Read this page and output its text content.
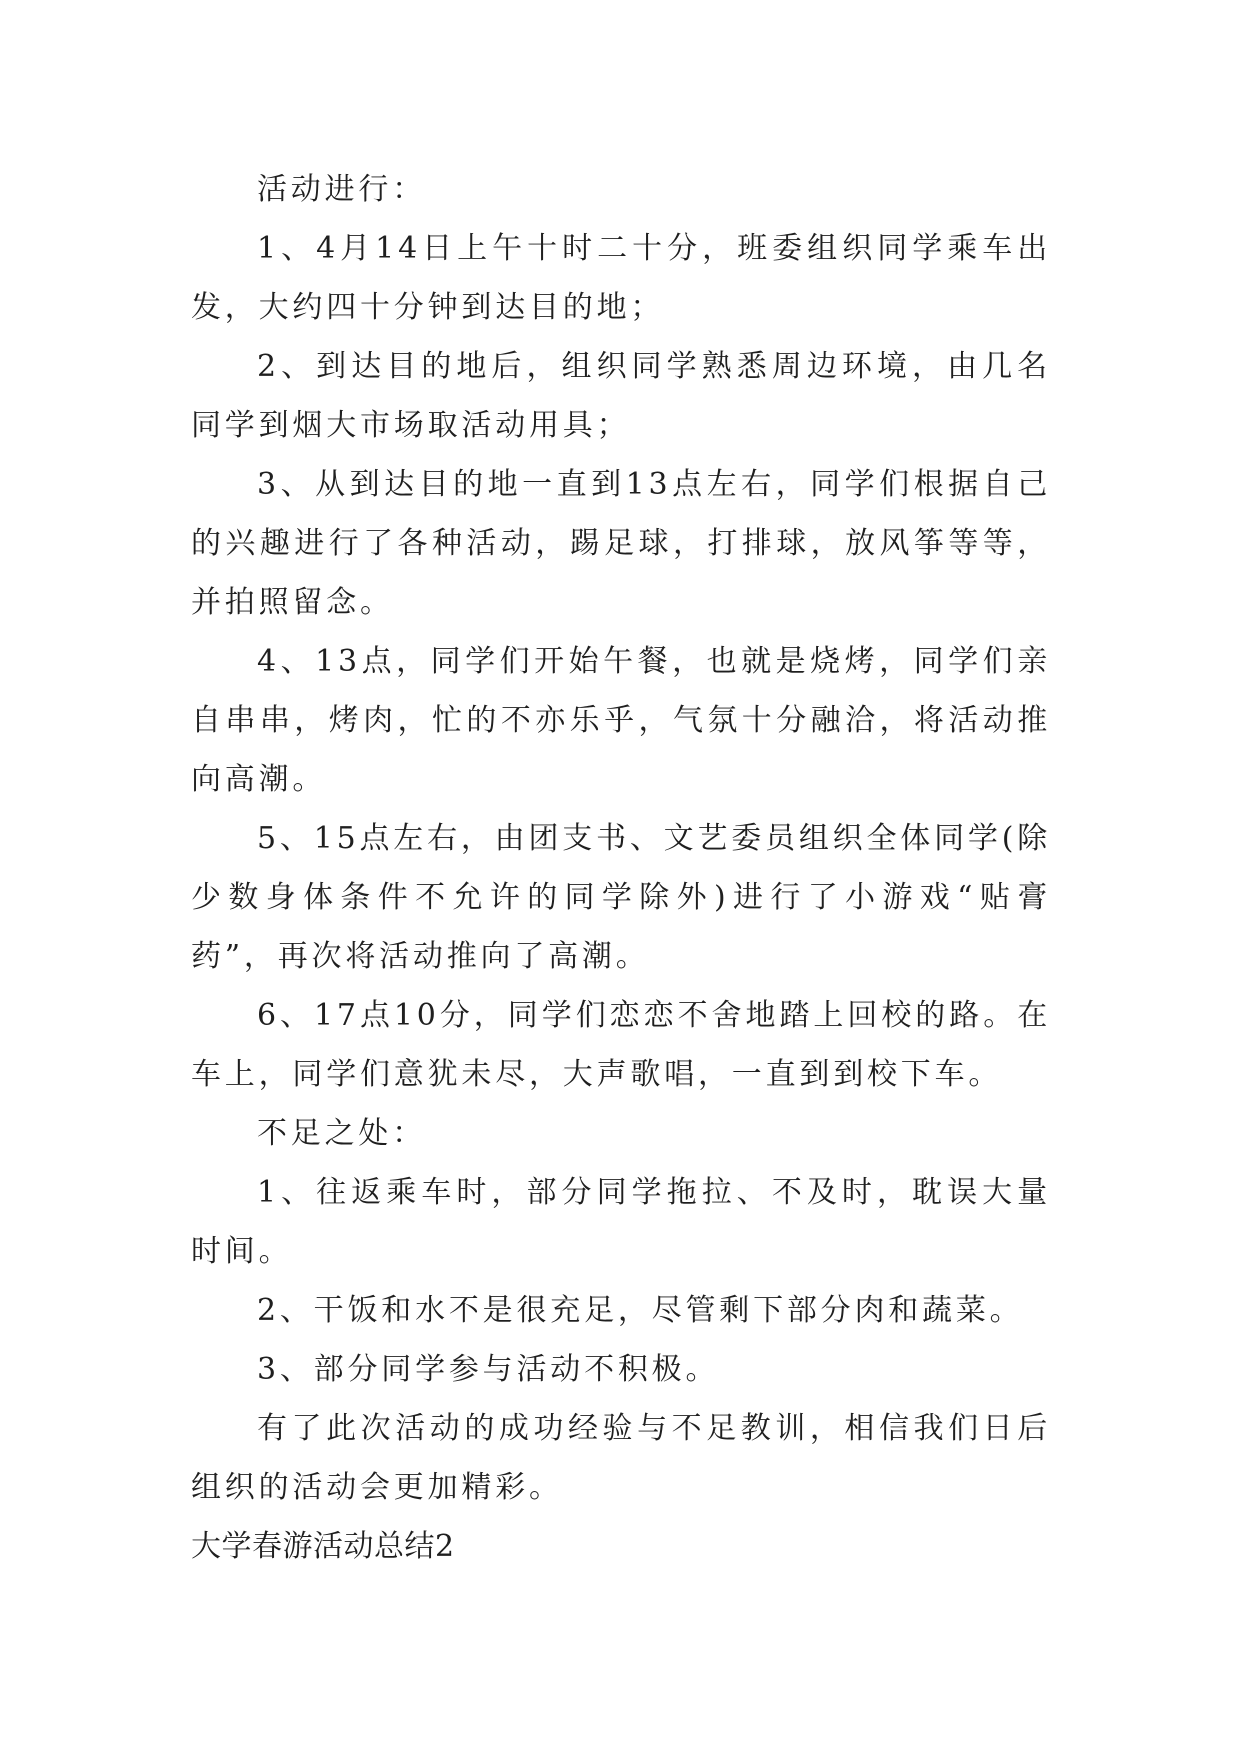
活动进行：

1、4月14日上午十时二十分，班委组织同学乘车出发，大约四十分钟到达目的地；

2、到达目的地后，组织同学熟悉周边环境，由几名同学到烟大市场取活动用具；

3、从到达目的地一直到13点左右，同学们根据自己的兴趣进行了各种活动，踢足球，打排球，放风筝等等，并拍照留念。

4、13点，同学们开始午餐，也就是烧烤，同学们亲自串串，烤肉，忙的不亦乐乎，气氛十分融洽，将活动推向高潮。

5、15点左右，由团支书、文艺委员组织全体同学(除少数身体条件不允许的同学除外)进行了小游戏“贴膏药”，再次将活动推向了高潮。

6、17点10分，同学们恋恋不舍地踏上回校的路。在车上，同学们意犹未尽，大声歌唱，一直到到校下车。

不足之处：

1、往返乘车时，部分同学拖拉、不及时，耽误大量时间。

2、干饭和水不是很充足，尽管剩下部分肉和蔬菜。

3、部分同学参与活动不积极。

有了此次活动的成功经验与不足教训，相信我们日后组织的活动会更加精彩。

大学春游活动总结2
